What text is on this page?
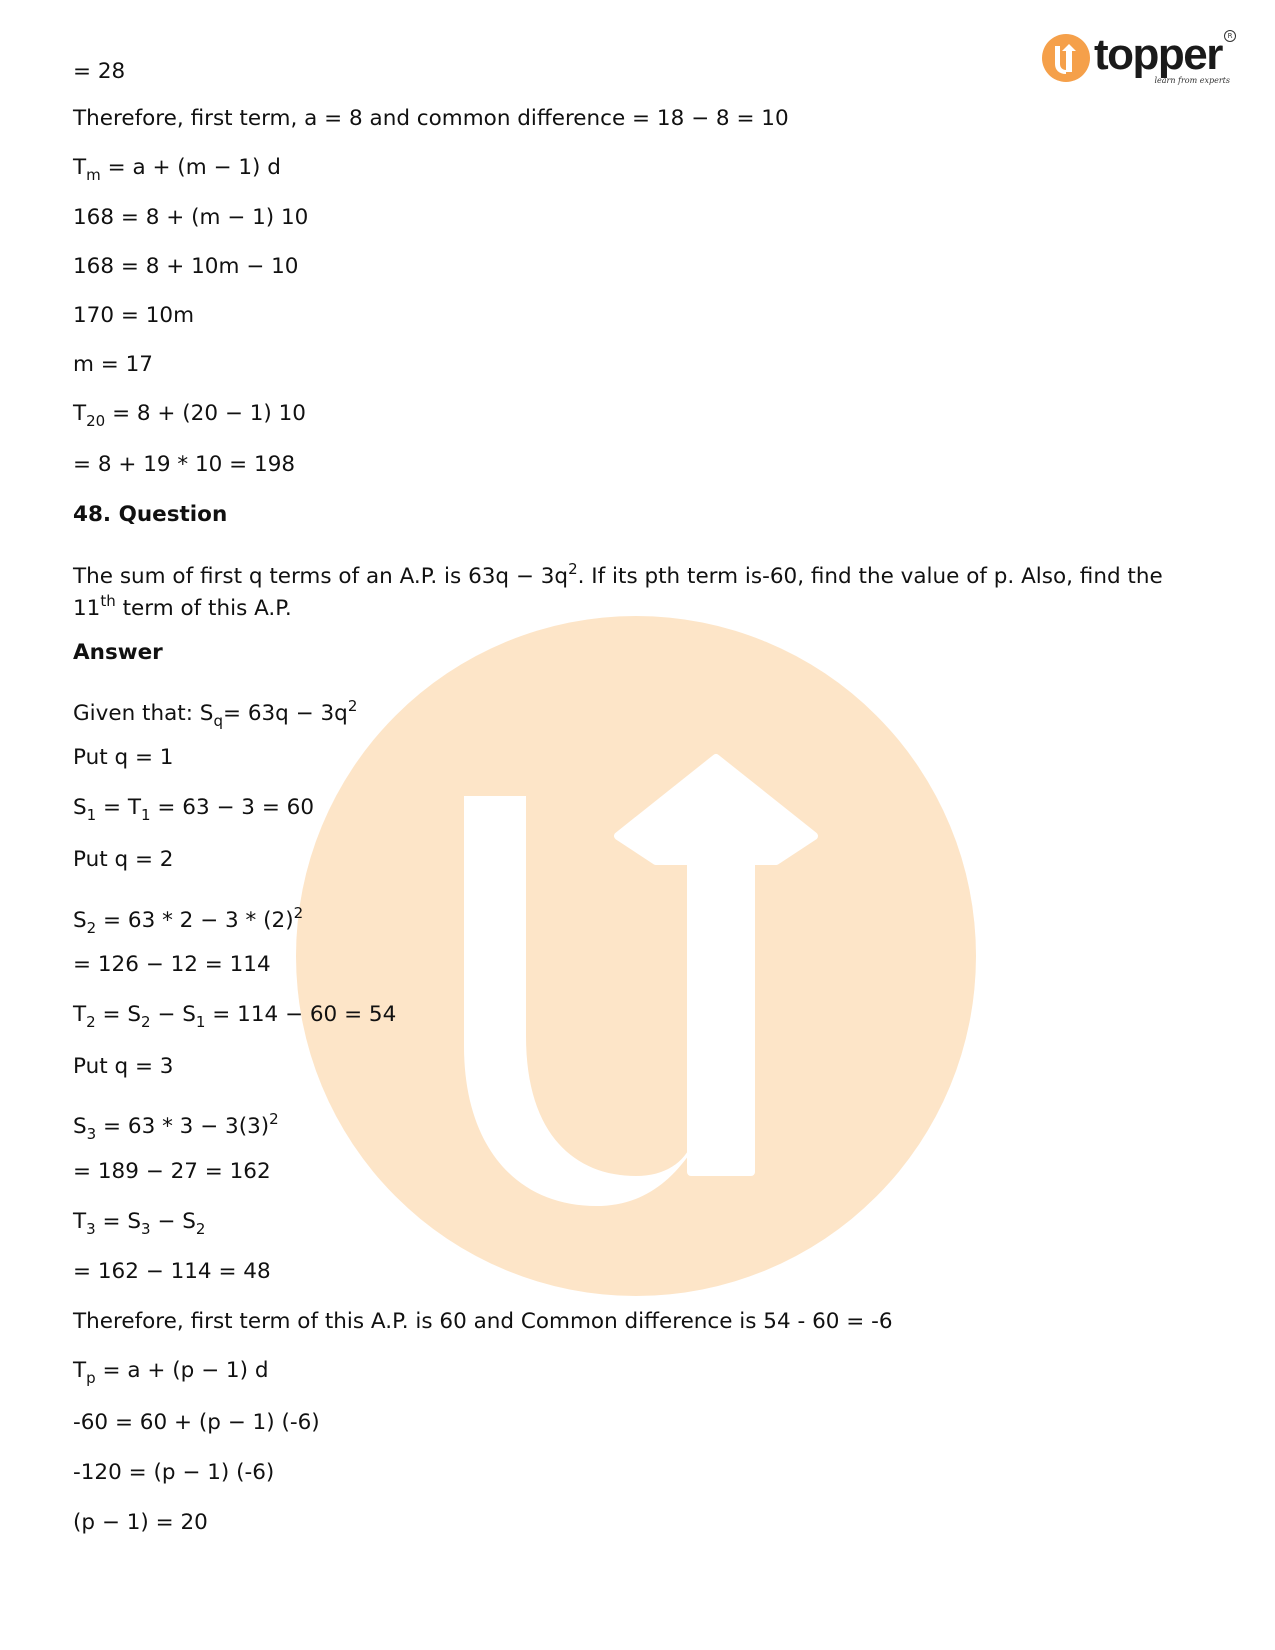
topper
learn from experts
R

= 28

Therefore, first term, a = 8 and common difference = 18 − 8 = 10

$T_m = a + (m - 1)$ d

168 = 8 + (m − 1) 10

168 = 8 + 10m − 10

170 = 10m

m = 17

$T_{20} = 8 + (20 - 1)$ 10

= 8 + 19 * 10 = 198

48. Question

The sum of first q terms of an A.P. is $63q - 3q^2$. If its pth term is-60, find the value of p. Also, find the

11th term of this A.P.

Answer

Given that: $S_q= 63q - 3q^2$

Put q = 1

$S_1 = T_1 = 63 - 3 = 60$

Put q = 2

$S_2 = 63 * 2 - 3 * (2)^2$

= 126 − 12 = 114

$T_2 = S_2 - S_1 = 114 - 60 = 54$

Put q = 3

$S_3 = 63 * 3 - 3(3)^2$

= 189 − 27 = 162

$T_3 = S_3 - S_2$

= 162 − 114 = 48

Therefore, first term of this A.P. is 60 and Common difference is 54 - 60 = -6

$T_p = a + (p - 1)$ d

-60 = 60 + (p − 1) (-6)

-120 = (p − 1) (-6)

(p − 1) = 20
